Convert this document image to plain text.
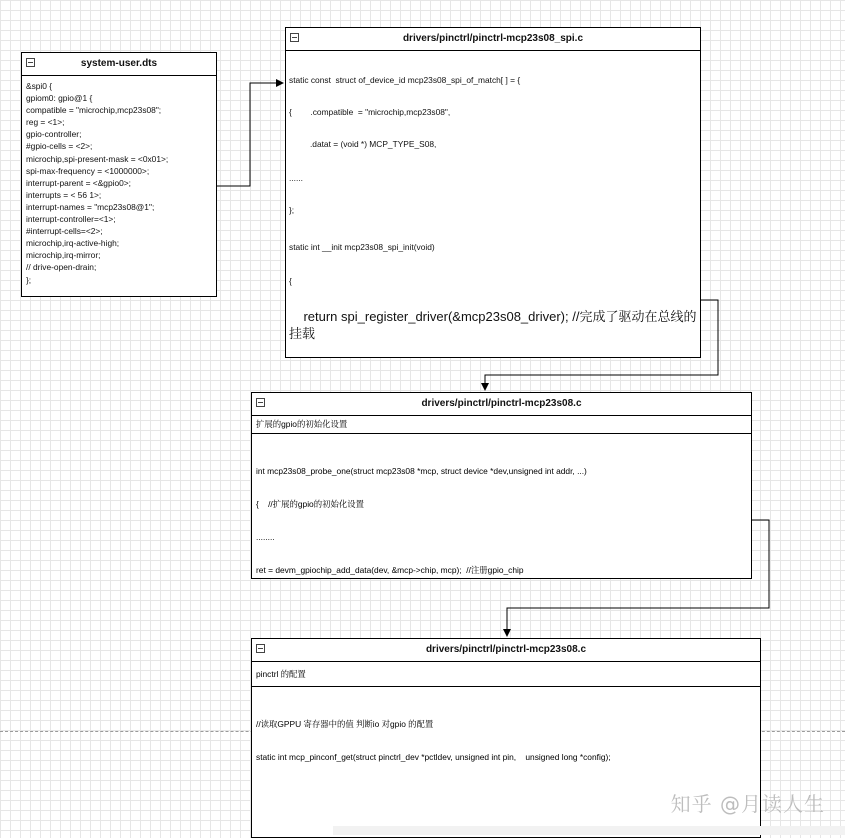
system-user.dts
&spi0 {
gpiom0: gpio@1 {
compatible = "microchip,mcp23s08";
reg = <1>;
gpio-controller;
#gpio-cells = <2>;
microchip,spi-present-mask = <0x01>;
spi-max-frequency = <1000000>;
interrupt-parent = <&gpio0>;
interrupts = < 56 1>;
interrupt-names = "mcp23s08@1";
interrupt-controller=<1>;
#interrupt-cells=<2>;
microchip,irq-active-high;
microchip,irq-mirror;
// drive-open-drain;
};
drivers/pinctrl/pinctrl-mcp23s08_spi.c

static const  struct of_device_id mcp23s08_spi_of_match[ ] = {

{        .compatible  = "microchip,mcp23s08",

.datat = (void *) MCP_TYPE_S08,

......

};

static int __init mcp23s08_spi_init(void)

{

return spi_register_driver(&mcp23s08_driver); //完成了驱动在总线的挂载

drivers/pinctrl/pinctrl-mcp23s08.c
扩展的gpio的初始化设置

int mcp23s08_probe_one(struct mcp23s08 *mcp, struct device *dev,unsigned int addr, ...)

{    //扩展的gpio的初始化设置

........

ret = devm_gpiochip_add_data(dev, &mcp->chip, mcp);  //注册gpio_chip

drivers/pinctrl/pinctrl-mcp23s08.c
pinctrl 的配置

//读取GPPU 寄存器中的值 判断io 对gpio 的配置

static int mcp_pinconf_get(struct pinctrl_dev *pctldev, unsigned int pin,    unsigned long *config);

知乎 @月读人生
